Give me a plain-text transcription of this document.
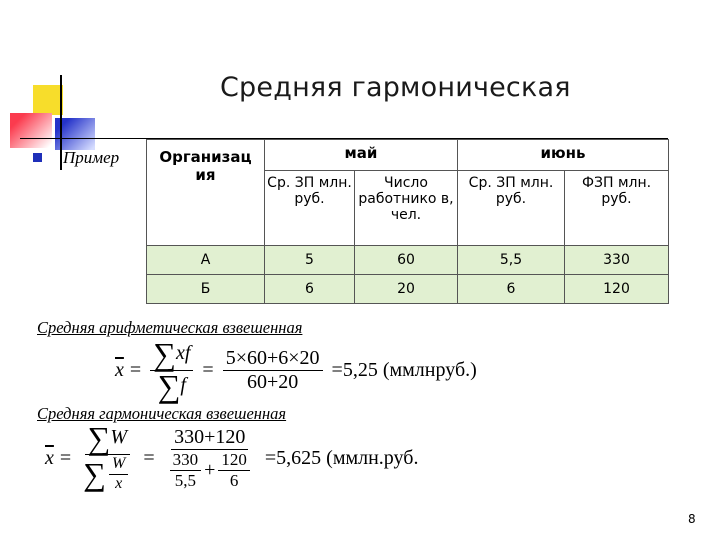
Средняя гармоническая
Пример	Организац ия	май		июнь	
	Ср. ЗП млн. руб.	Число работнико в, чел.	Ср. ЗП млн. руб.	ФЗП млн. руб.
А	5	60	5,5	330
Б	6	20	6	120
Средняя арифметическая взвешенная
$\overline{x} = \frac{\sum xf}{\sum f} = \frac{5\times 60+6\times 20}{60+20} =5,25$ (ммлнруб.)
Средняя гармоническая взвешенная
$\overline{x} = \frac{\sum W}{\sum \frac{W}{x}}$ =
330+120
$\frac{330}{5,5} + \frac{120}{6} =5,625$ (ммлн.руб.
8
